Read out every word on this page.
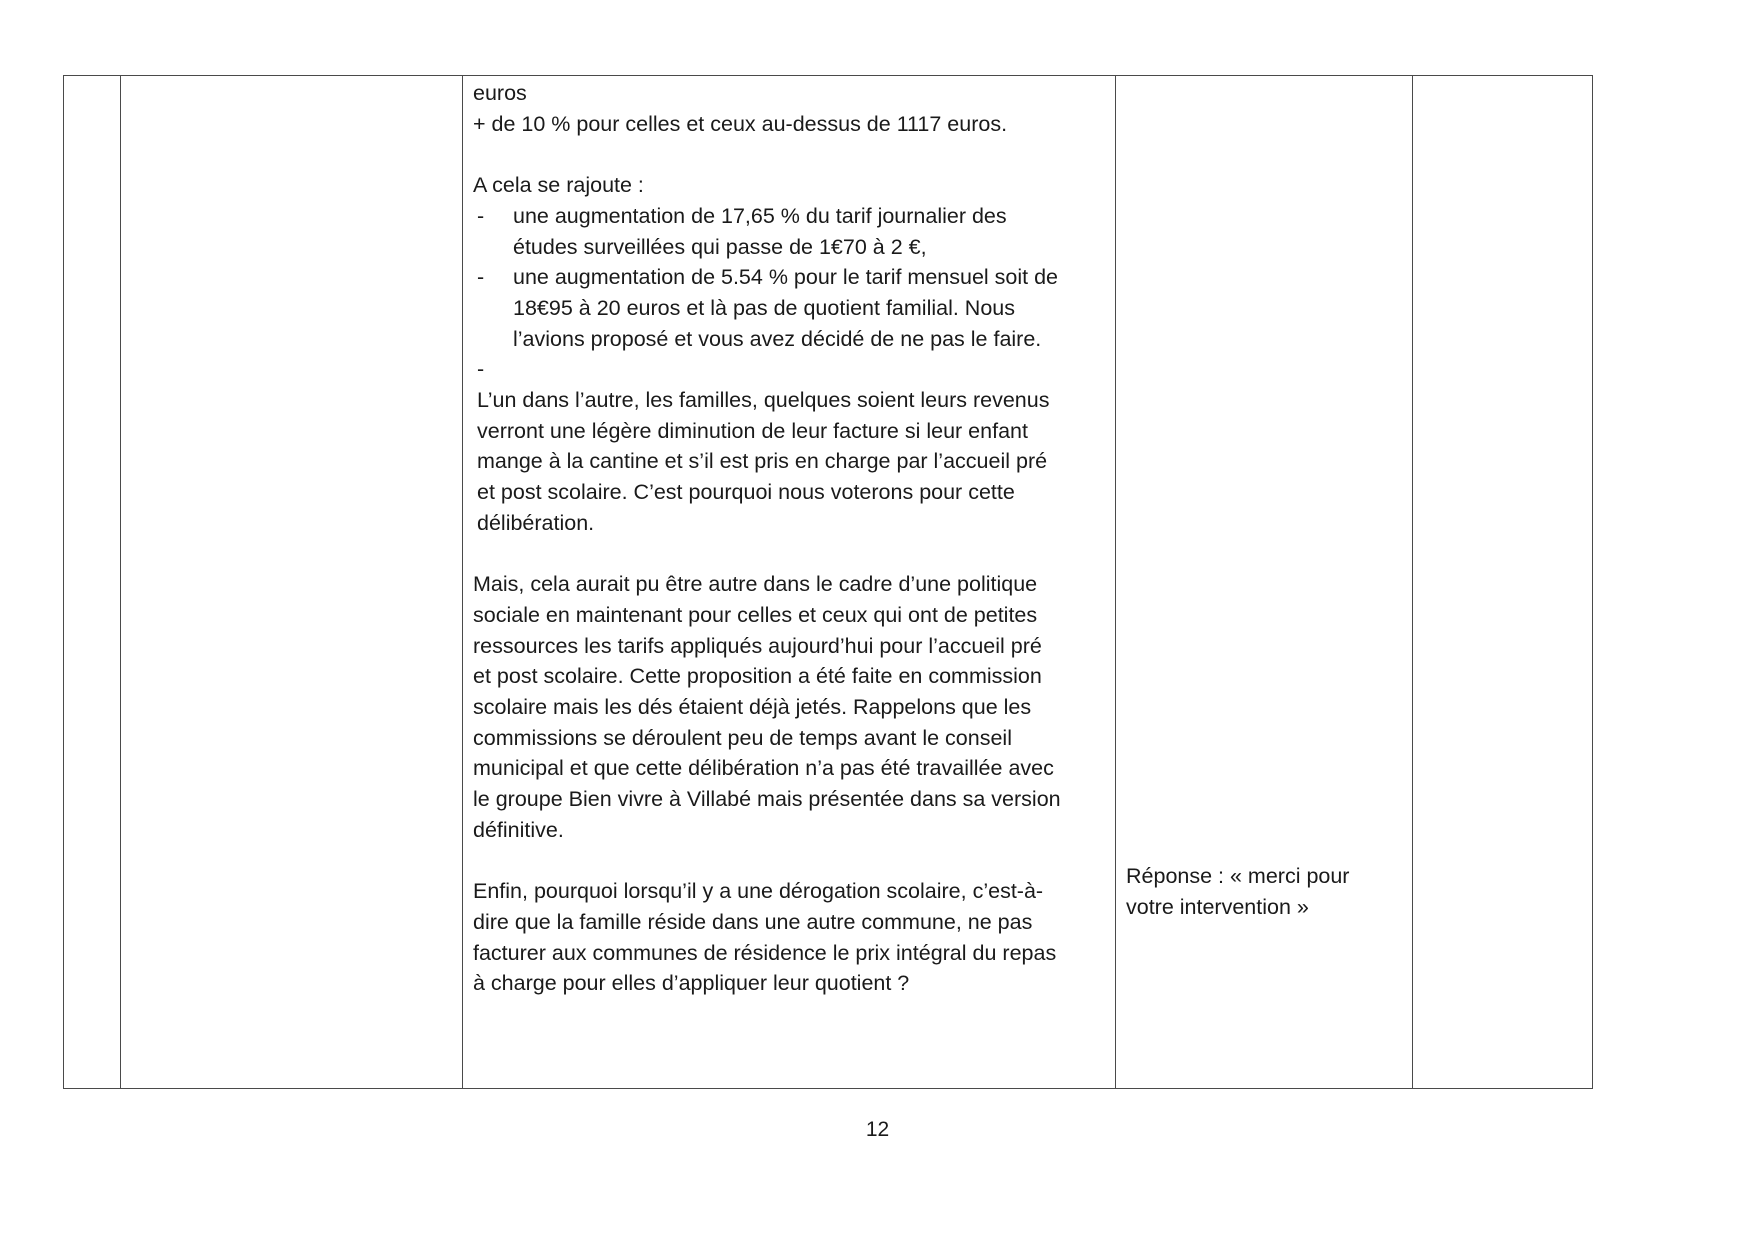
euros

+ de 10 % pour celles et ceux au-dessus de 1117 euros.

A cela se rajoute :

-	une augmentation de 17,65 % du tarif journalier des
études surveillées qui passe de 1€70 à 2 €,
-	une augmentation de 5.54 % pour le tarif mensuel soit de
18€95 à 20 euros et là pas de quotient familial. Nous
l’avions proposé et vous avez décidé de ne pas le faire.
-

L’un dans l’autre, les familles, quelques soient leurs revenus

verront une légère diminution de leur facture si leur enfant

mange à la cantine et s’il est pris en charge par l’accueil pré

et post scolaire. C’est pourquoi nous voterons pour cette

délibération.

Mais, cela aurait pu être autre dans le cadre d’une politique

sociale en maintenant pour celles et ceux qui ont de petites

ressources les tarifs appliqués aujourd’hui pour l’accueil pré

et post scolaire. Cette proposition a été faite en commission

scolaire mais les dés étaient déjà jetés. Rappelons que les

commissions se déroulent peu de temps avant le conseil

municipal et que cette délibération n’a pas été travaillée avec

le groupe Bien vivre à Villabé mais présentée dans sa version

définitive.

Enfin, pourquoi lorsqu’il y a une dérogation scolaire, c’est-à-

dire que la famille réside dans une autre commune, ne pas

facturer aux communes de résidence le prix intégral du repas

à charge pour elles d’appliquer leur quotient ?

Réponse : « merci pour

votre intervention »

12
